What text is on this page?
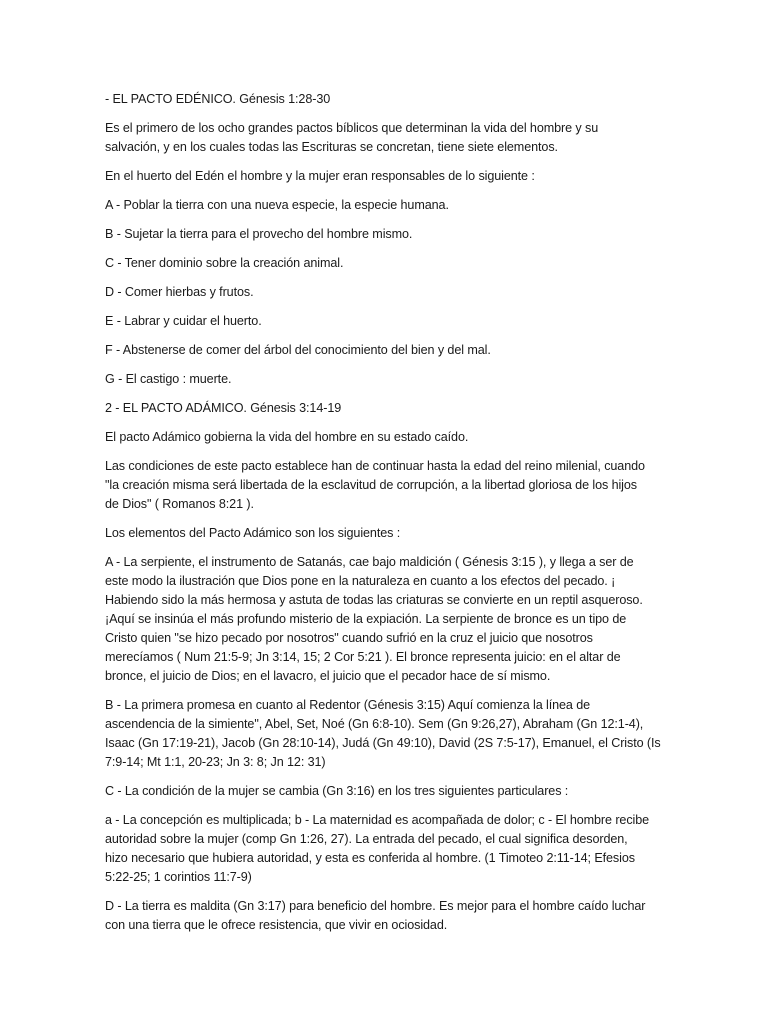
- EL PACTO EDÉNICO. Génesis 1:28-30

Es el primero de los ocho grandes pactos bíblicos que determinan la vida del hombre y su
salvación, y en los cuales todas las Escrituras se concretan, tiene siete elementos.

En el huerto del Edén el hombre y la mujer eran responsables de lo siguiente :

A - Poblar la tierra con una nueva especie, la especie humana.

B - Sujetar la tierra para el provecho del hombre mismo.

C - Tener dominio sobre la creación animal.

D - Comer hierbas y frutos.

E - Labrar y cuidar el huerto.

F - Abstenerse de comer del árbol del conocimiento del bien y del mal.

G - El castigo : muerte.

2 - EL PACTO ADÁMICO. Génesis 3:14-19

El pacto Adámico gobierna la vida del hombre en su estado caído.

Las condiciones de este pacto establece han de continuar hasta la edad del reino milenial, cuando
"la creación misma será libertada de la esclavitud de corrupción, a la libertad gloriosa de los hijos
de Dios" ( Romanos 8:21 ).

Los elementos del Pacto Adámico son los siguientes :

A - La serpiente, el instrumento de Satanás, cae bajo maldición ( Génesis 3:15 ), y llega a ser de
este modo la ilustración que Dios pone en la naturaleza en cuanto a los efectos del pecado. ¡
Habiendo sido la más hermosa y astuta de todas las criaturas se convierte en un reptil asqueroso.
¡Aquí se insinúa el más profundo misterio de la expiación. La serpiente de bronce es un tipo de
Cristo quien "se hizo pecado por nosotros" cuando sufrió en la cruz el juicio que nosotros
merecíamos ( Num 21:5-9; Jn 3:14, 15; 2 Cor 5:21 ). El bronce representa juicio: en el altar de
bronce, el juicio de Dios; en el lavacro, el juicio que el pecador hace de sí mismo.

B - La primera promesa en cuanto al Redentor (Génesis 3:15) Aquí comienza la línea de
ascendencia de la simiente", Abel, Set, Noé (Gn 6:8-10). Sem (Gn 9:26,27), Abraham (Gn 12:1-4),
Isaac (Gn 17:19-21), Jacob (Gn 28:10-14), Judá (Gn 49:10), David (2S 7:5-17), Emanuel, el Cristo (Is
7:9-14; Mt 1:1, 20-23; Jn 3: 8; Jn 12: 31)

C - La condición de la mujer se cambia (Gn 3:16) en los tres siguientes particulares :

a - La concepción es multiplicada; b - La maternidad es acompañada de dolor; c - El hombre recibe
autoridad sobre la mujer (comp Gn 1:26, 27). La entrada del pecado, el cual significa desorden,
hizo necesario que hubiera autoridad, y esta es conferida al hombre. (1 Timoteo 2:11-14; Efesios
5:22-25; 1 corintios 11:7-9)

D - La tierra es maldita (Gn 3:17) para beneficio del hombre. Es mejor para el hombre caído luchar
con una tierra que le ofrece resistencia, que vivir en ociosidad.
